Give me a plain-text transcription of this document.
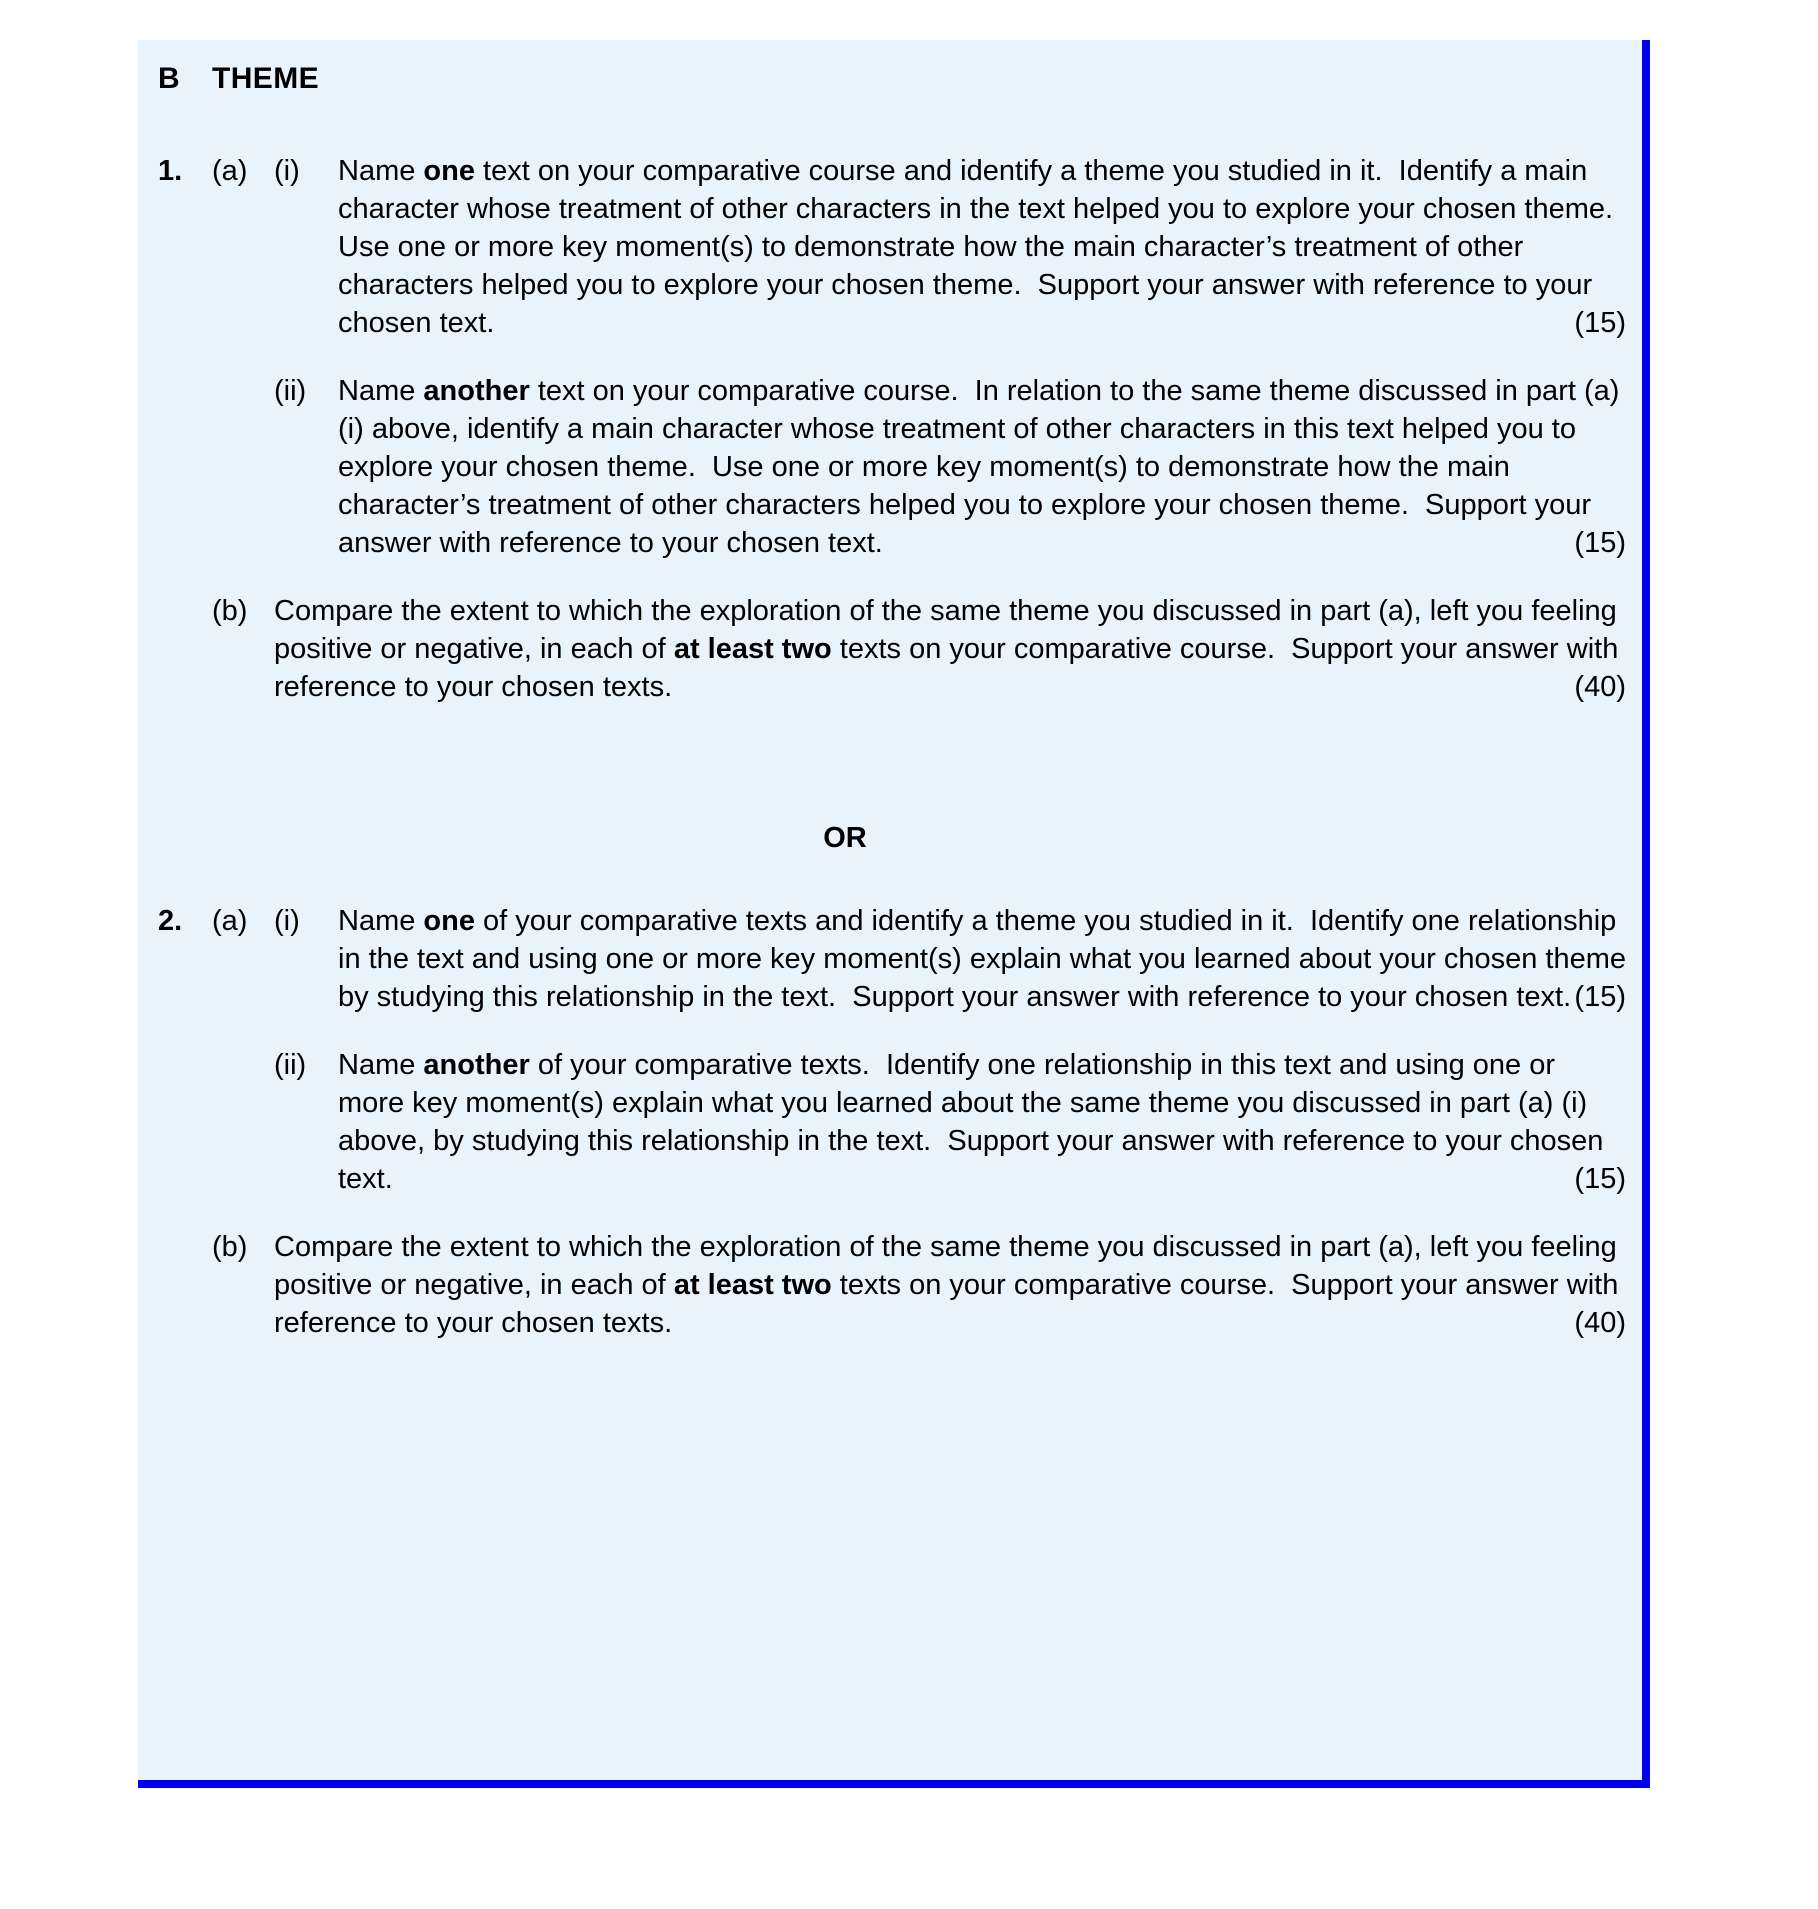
B	THEME
1.	(a) (i)	Name one text on your comparative course and identify a theme you studied in it.  Identify a main character whose treatment of other characters in the text helped you to explore your chosen theme.  Use one or more key moment(s) to demonstrate how the main character’s treatment of other characters helped you to explore your chosen theme.  Support your answer with reference to your chosen text.	(15)
(ii)	Name another text on your comparative course.  In relation to the same theme discussed in part (a) (i) above, identify a main character whose treatment of other characters in this text helped you to explore your chosen theme.  Use one or more key moment(s) to demonstrate how the main character’s treatment of other characters helped you to explore your chosen theme.  Support your answer with reference to your chosen text.	(15)
(b) Compare the extent to which the exploration of the same theme you discussed in part (a), left you feeling positive or negative, in each of at least two texts on your comparative course.  Support your answer with reference to your chosen texts.	(40)
OR
2.	(a) (i)	Name one of your comparative texts and identify a theme you studied in it.  Identify one relationship in the text and using one or more key moment(s) explain what you learned about your chosen theme by studying this relationship in the text.  Support your answer with reference to your chosen text. (15)
(ii)	Name another of your comparative texts.  Identify one relationship in this text and using one or more key moment(s) explain what you learned about the same theme you discussed in part (a) (i) above, by studying this relationship in the text.  Support your answer with reference to your chosen text.	(15)
(b) Compare the extent to which the exploration of the same theme you discussed in part (a), left you feeling positive or negative, in each of at least two texts on your comparative course.  Support your answer with reference to your chosen texts.	(40)
